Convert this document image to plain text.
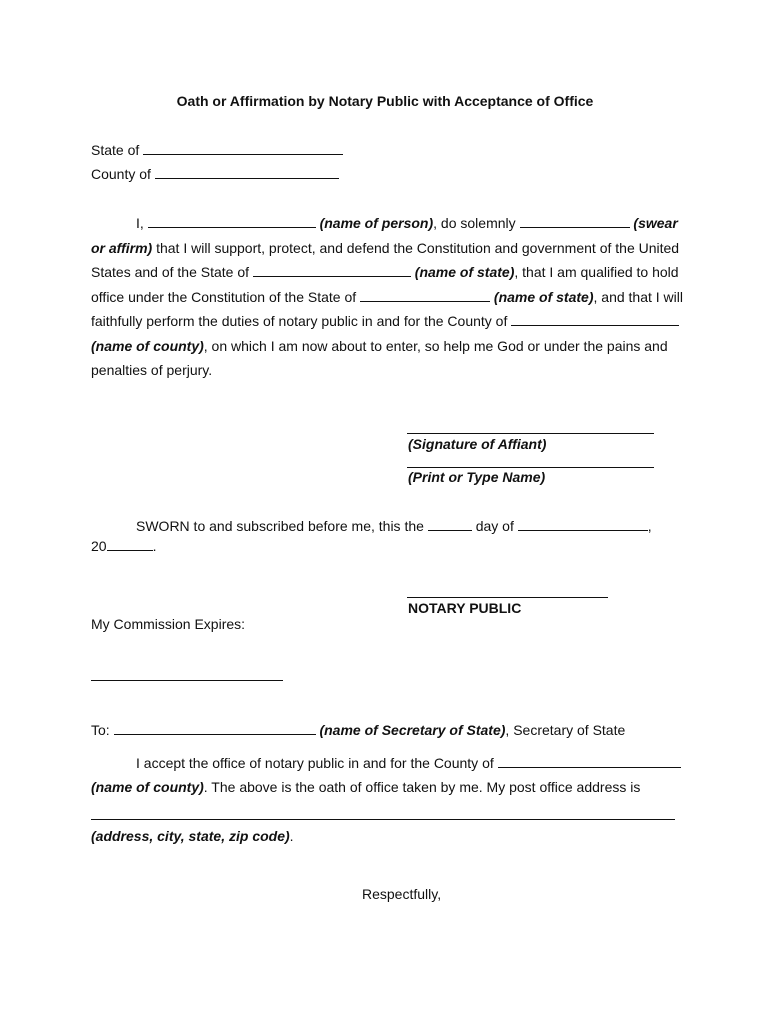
Oath or Affirmation by Notary Public with Acceptance of Office
State of
County of
I,	(name of person), do solemnly	(swear
or affirm) that I will support, protect, and defend the Constitution and government of the United
States and of the State of	(name of state), that I am qualified to hold
office under the Constitution of the State of	(name of state), and that I will
faithfully perform the duties of notary public in and for the County of
(name of county), on which I am now about to enter, so help me God or under the pains and
penalties of perjury.
(Signature of Affiant)
(Print or Type Name)
SWORN to and subscribed before me, this the	day of	,
20	.
NOTARY PUBLIC
My Commission Expires:
To:	(name of Secretary of State), Secretary of State
I accept the office of notary public in and for the County of
(name of county). The above is the oath of office taken by me. My post office address is
(address, city, state, zip code).
Respectfully,
